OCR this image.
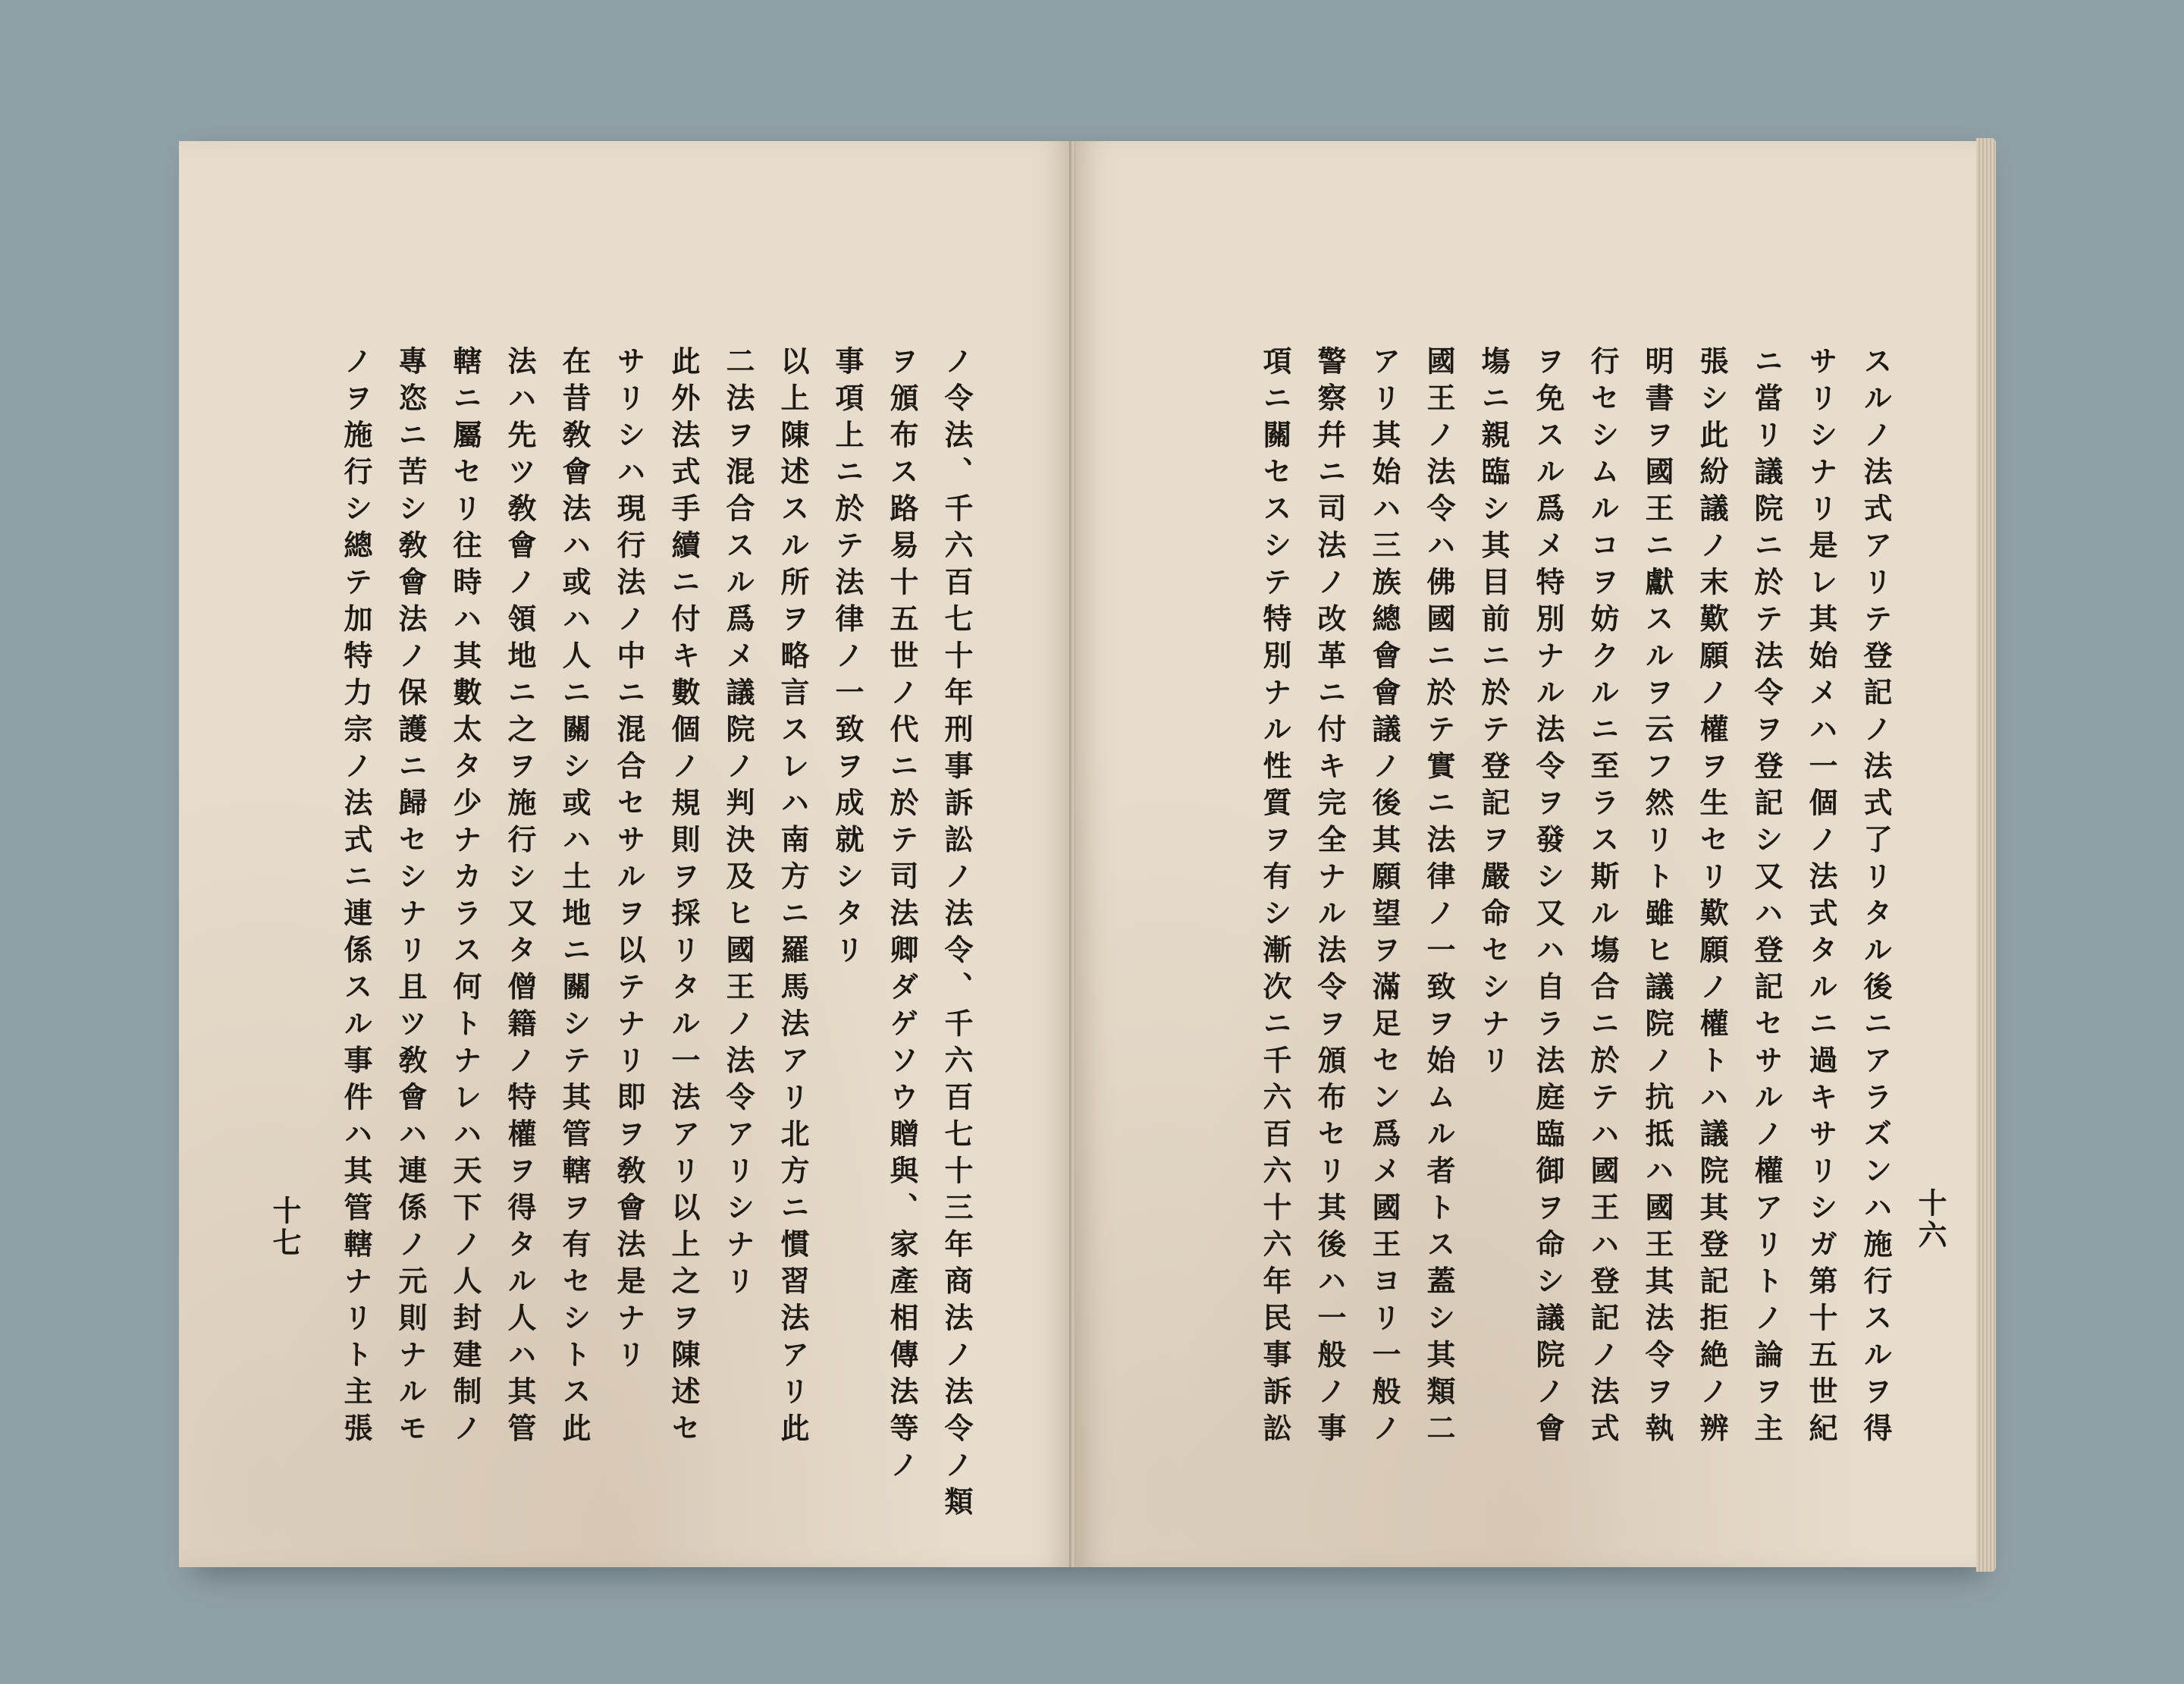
ノ令法、千六百七十年刑事訴訟ノ法令、千六百七十三年商法ノ法令ノ類
ヲ頒布ス路易十五世ノ代ニ於テ司法卿ダゲソウ贈與、家產相傳法等ノ
事項上ニ於テ法律ノ一致ヲ成就シタリ
以上陳述スル所ヲ略言スレハ南方ニ羅馬法アリ北方ニ慣習法アリ此
二法ヲ混合スル爲メ議院ノ判決及ヒ國王ノ法令アリシナリ
此外法式手續ニ付キ數個ノ規則ヲ採リタル一法アリ以上之ヲ陳述セ
サリシハ現行法ノ中ニ混合セサルヲ以テナリ即ヲ敎會法是ナリ
在昔敎會法ハ或ハ人ニ關シ或ハ土地ニ關シテ其管轄ヲ有セシトス此
法ハ先ツ敎會ノ領地ニ之ヲ施行シ又タ僧籍ノ特權ヲ得タル人ハ其管
轄ニ屬セリ往時ハ其數太タ少ナカラス何トナレハ天下ノ人封建制ノ
專恣ニ苦シ敎會法ノ保護ニ歸セシナリ且ツ敎會ハ連係ノ元則ナルモ
ノヲ施行シ總テ加特力宗ノ法式ニ連係スル事件ハ其管轄ナリト主張
十七	スルノ法式アリテ登記ノ法式了リタル後ニアラズンハ施行スルヲ得
サリシナリ是レ其始メハ一個ノ法式タルニ過キサリシガ第十五世紀
ニ當リ議院ニ於テ法令ヲ登記シ又ハ登記セサルノ權アリトノ論ヲ主
張シ此紛議ノ末歎願ノ權ヲ生セリ歎願ノ權トハ議院其登記拒絶ノ辨
明書ヲ國王ニ獻スルヲ云フ然リト雖ヒ議院ノ抗抵ハ國王其法令ヲ執
行セシムルコヲ妨クルニ至ラス斯ル塲合ニ於テハ國王ハ登記ノ法式
ヲ免スル爲メ特別ナル法令ヲ發シ又ハ自ラ法庭臨御ヲ命シ議院ノ會
塲ニ親臨シ其目前ニ於テ登記ヲ嚴命セシナリ
國王ノ法令ハ佛國ニ於テ實ニ法律ノ一致ヲ始ムル者トス蓋シ其類二
アリ其始ハ三族總會會議ノ後其願望ヲ滿足セン爲メ國王ヨリ一般ノ
警察幷ニ司法ノ改革ニ付キ完全ナル法令ヲ頒布セリ其後ハ一般ノ事
項ニ關セスシテ特別ナル性質ヲ有シ漸次ニ千六百六十六年民事訴訟	十六
